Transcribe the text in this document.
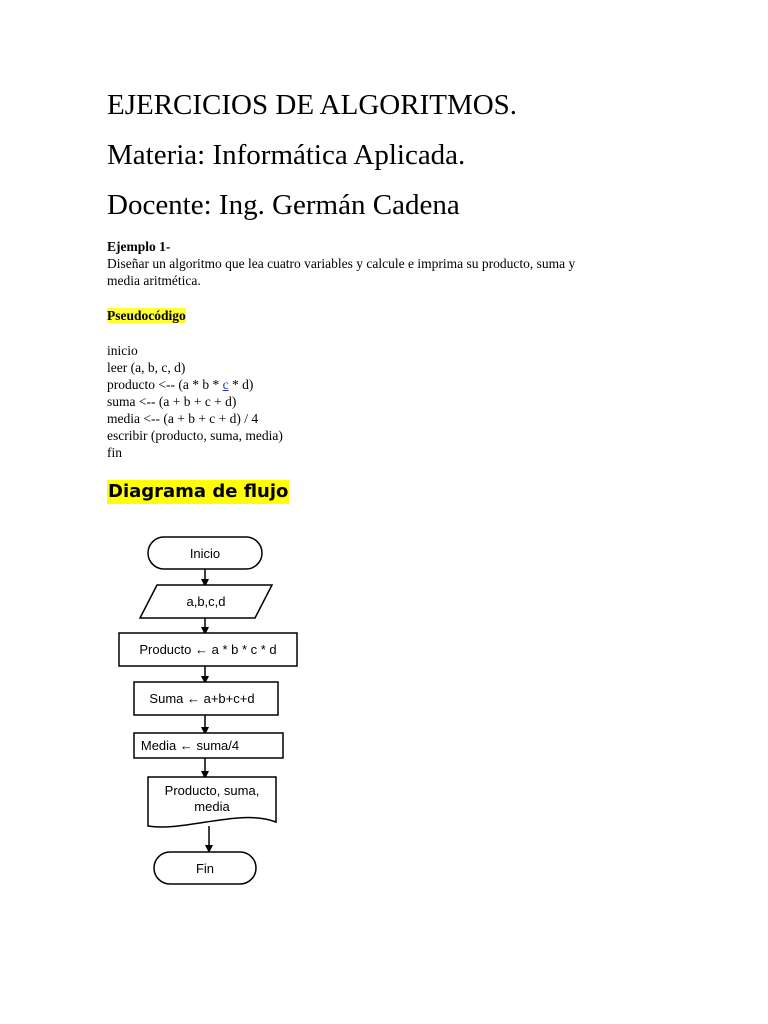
EJERCICIOS DE ALGORITMOS.
Materia: Informática Aplicada.
Docente: Ing. Germán Cadena
Ejemplo 1-
Diseñar un algoritmo que lea cuatro variables y calcule e imprima su producto, suma y
media aritmética.
Pseudocódigo
inicio
leer (a, b, c, d)
producto <-- (a * b * c * d)
suma <-- (a + b + c + d)
media <-- (a + b + c + d) / 4
escribir (producto, suma, media)
fin
Diagrama de flujo
Inicio
a,b,c,d
Producto ← a * b * c * d
Suma ← a+b+c+d
Media ← suma/4
Producto, suma,
media
Fin
